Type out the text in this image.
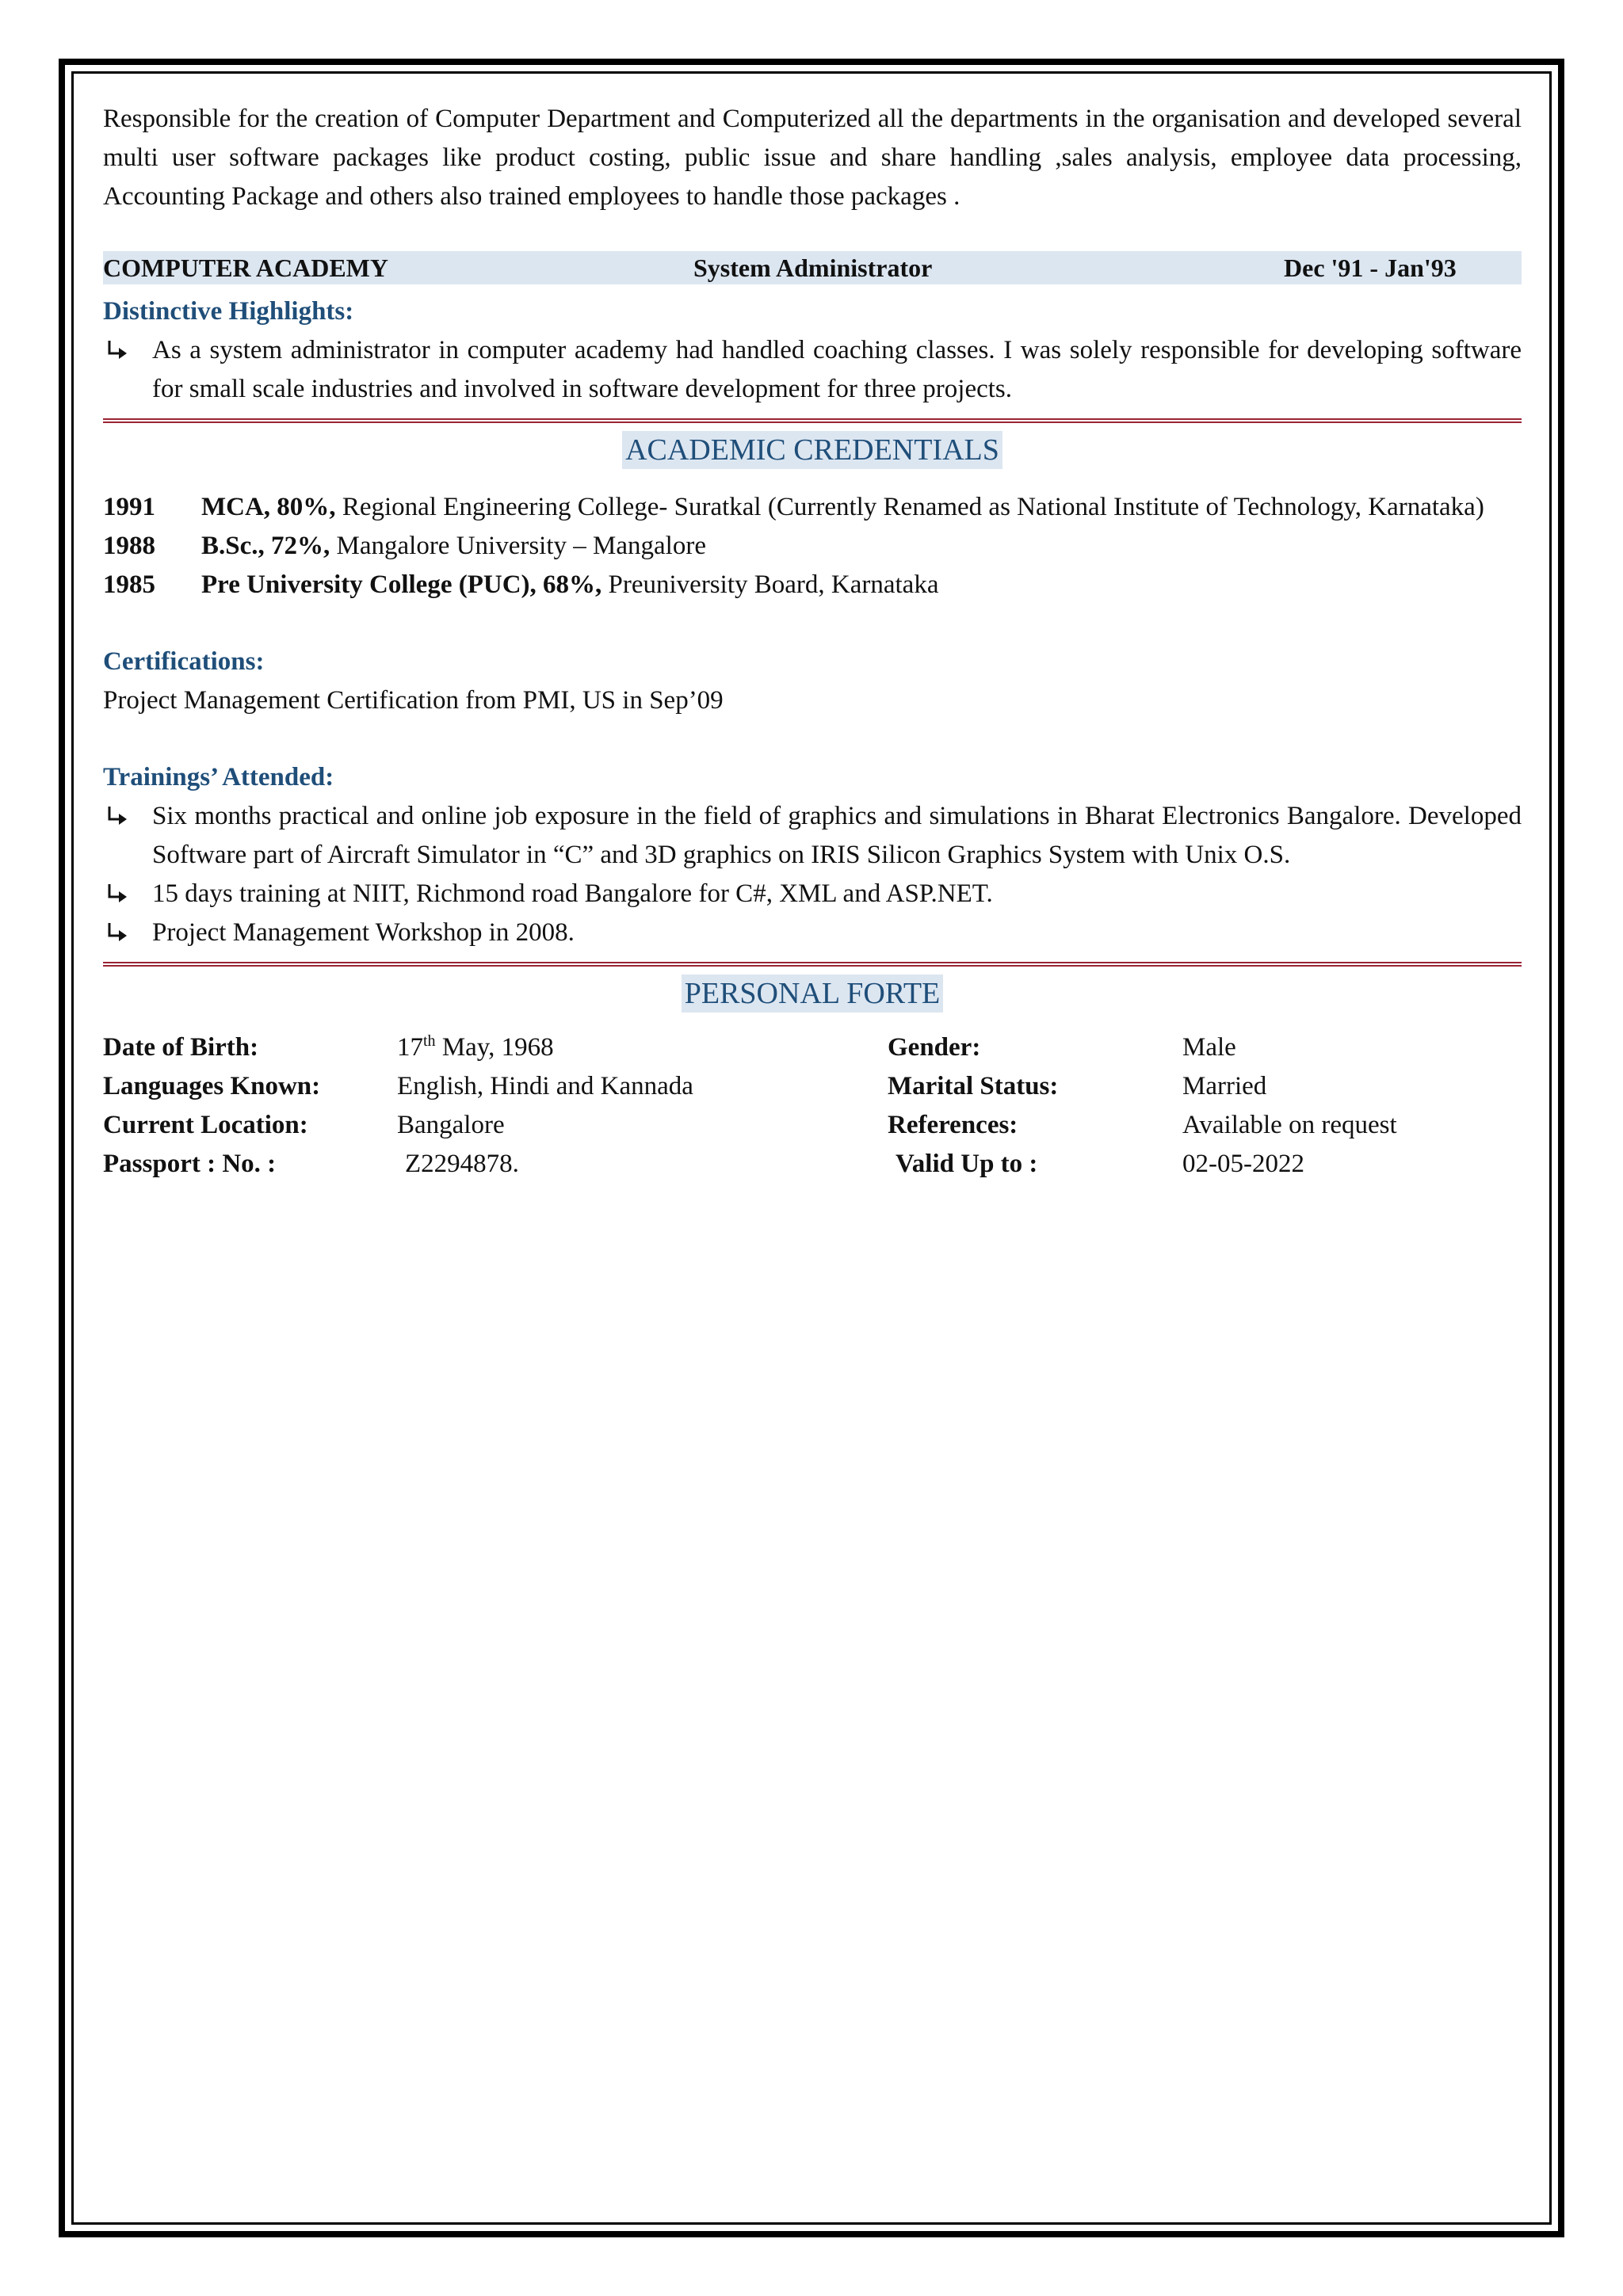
Responsible for the creation of Computer Department and Computerized all the departments in the organisation and developed several multi user software packages like product costing, public issue and share handling ,sales analysis, employee data processing, Accounting Package and others also trained employees to handle those packages .

COMPUTER ACADEMY	System Administrator	Dec '91 - Jan'93
Distinctive Highlights:
As a system administrator in computer academy had handled coaching classes. I was solely responsible for developing software for small scale industries and involved in software development for three projects.
ACADEMIC CREDENTIALS
1991	MCA, 80%, Regional Engineering College- Suratkal (Currently Renamed as National Institute of Technology, Karnataka)
1988	B.Sc., 72%, Mangalore University – Mangalore
1985	Pre University College (PUC), 68%, Preuniversity Board, Karnataka
Certifications:

Project Management Certification from PMI, US in Sep’09

Trainings’ Attended:
Six months practical and online job exposure in the field of graphics and simulations in Bharat Electronics Bangalore. Developed Software part of Aircraft Simulator in “C” and 3D graphics on IRIS Silicon Graphics System with Unix O.S.
15 days training at NIIT, Richmond road Bangalore for C#, XML and ASP.NET.
Project Management Workshop in 2008.
PERSONAL FORTE
Date of Birth:	17th May, 1968	Gender:	Male
Languages Known:	English, Hindi and Kannada	Marital Status:	Married
Current Location:	Bangalore	References:	Available on request
Passport : No. :	Z2294878.	Valid Up to :	02-05-2022
